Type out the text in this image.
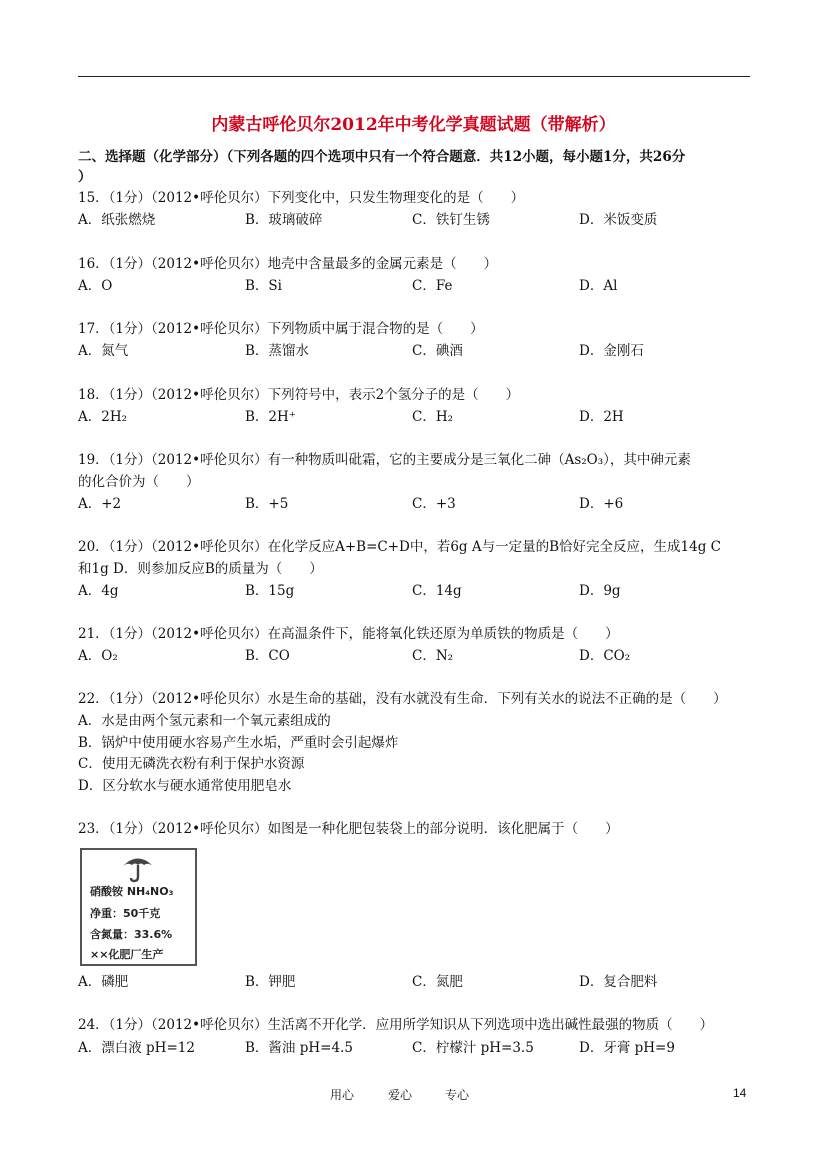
内蒙古呼伦贝尔2012年中考化学真题试题（带解析）
二、选择题（化学部分）（下列各题的四个选项中只有一个符合题意．共12小题，每小题1分，共26分
）
15．（1分）（2012•呼伦贝尔）下列变化中，只发生物理变化的是（　　）
A．纸张燃烧	B．玻璃破碎	C．铁钉生锈	D．米饭变质
16．（1分）（2012•呼伦贝尔）地壳中含量最多的金属元素是（　　）
A．O	B．Si	C．Fe	D．Al
17．（1分）（2012•呼伦贝尔）下列物质中属于混合物的是（　　）
A．氮气	B．蒸馏水	C．碘酒	D．金刚石
18．（1分）（2012•呼伦贝尔）下列符号中，表示2个氢分子的是（　　）
A．2H₂	B．2H⁺	C．H₂	D．2H
19．（1分）（2012•呼伦贝尔）有一种物质叫砒霜，它的主要成分是三氧化二砷（As₂O₃），其中砷元素
的化合价为（　　）
A．+2	B．+5	C．+3	D．+6
20．（1分）（2012•呼伦贝尔）在化学反应A+B=C+D中，若6g A与一定量的B恰好完全反应，生成14g C
和1g D．则参加反应B的质量为（　　）
A．4g	B．15g	C．14g	D．9g
21．（1分）（2012•呼伦贝尔）在高温条件下，能将氧化铁还原为单质铁的物质是（　　）
A．O₂	B．CO	C．N₂	D．CO₂
22．（1分）（2012•呼伦贝尔）水是生命的基础，没有水就没有生命．下列有关水的说法不正确的是（　　）
A．水是由两个氢元素和一个氧元素组成的
B．锅炉中使用硬水容易产生水垢，严重时会引起爆炸
C．使用无磷洗衣粉有利于保护水资源
D．区分软水与硬水通常使用肥皂水
23．（1分）（2012•呼伦贝尔）如图是一种化肥包装袋上的部分说明．该化肥属于（　　）
硝酸铵 NH₄NO₃
净重：50千克
含氮量：33.6%
××化肥厂生产
A．磷肥	B．钾肥	C．氮肥	D．复合肥料
24．（1分）（2012•呼伦贝尔）生活离不开化学．应用所学知识从下列选项中选出碱性最强的物质（　　）
A．漂白液 pH=12	B．酱油 pH=4.5	C．柠檬汁 pH=3.5	D．牙膏 pH=9
用心	爱心	专心	14
